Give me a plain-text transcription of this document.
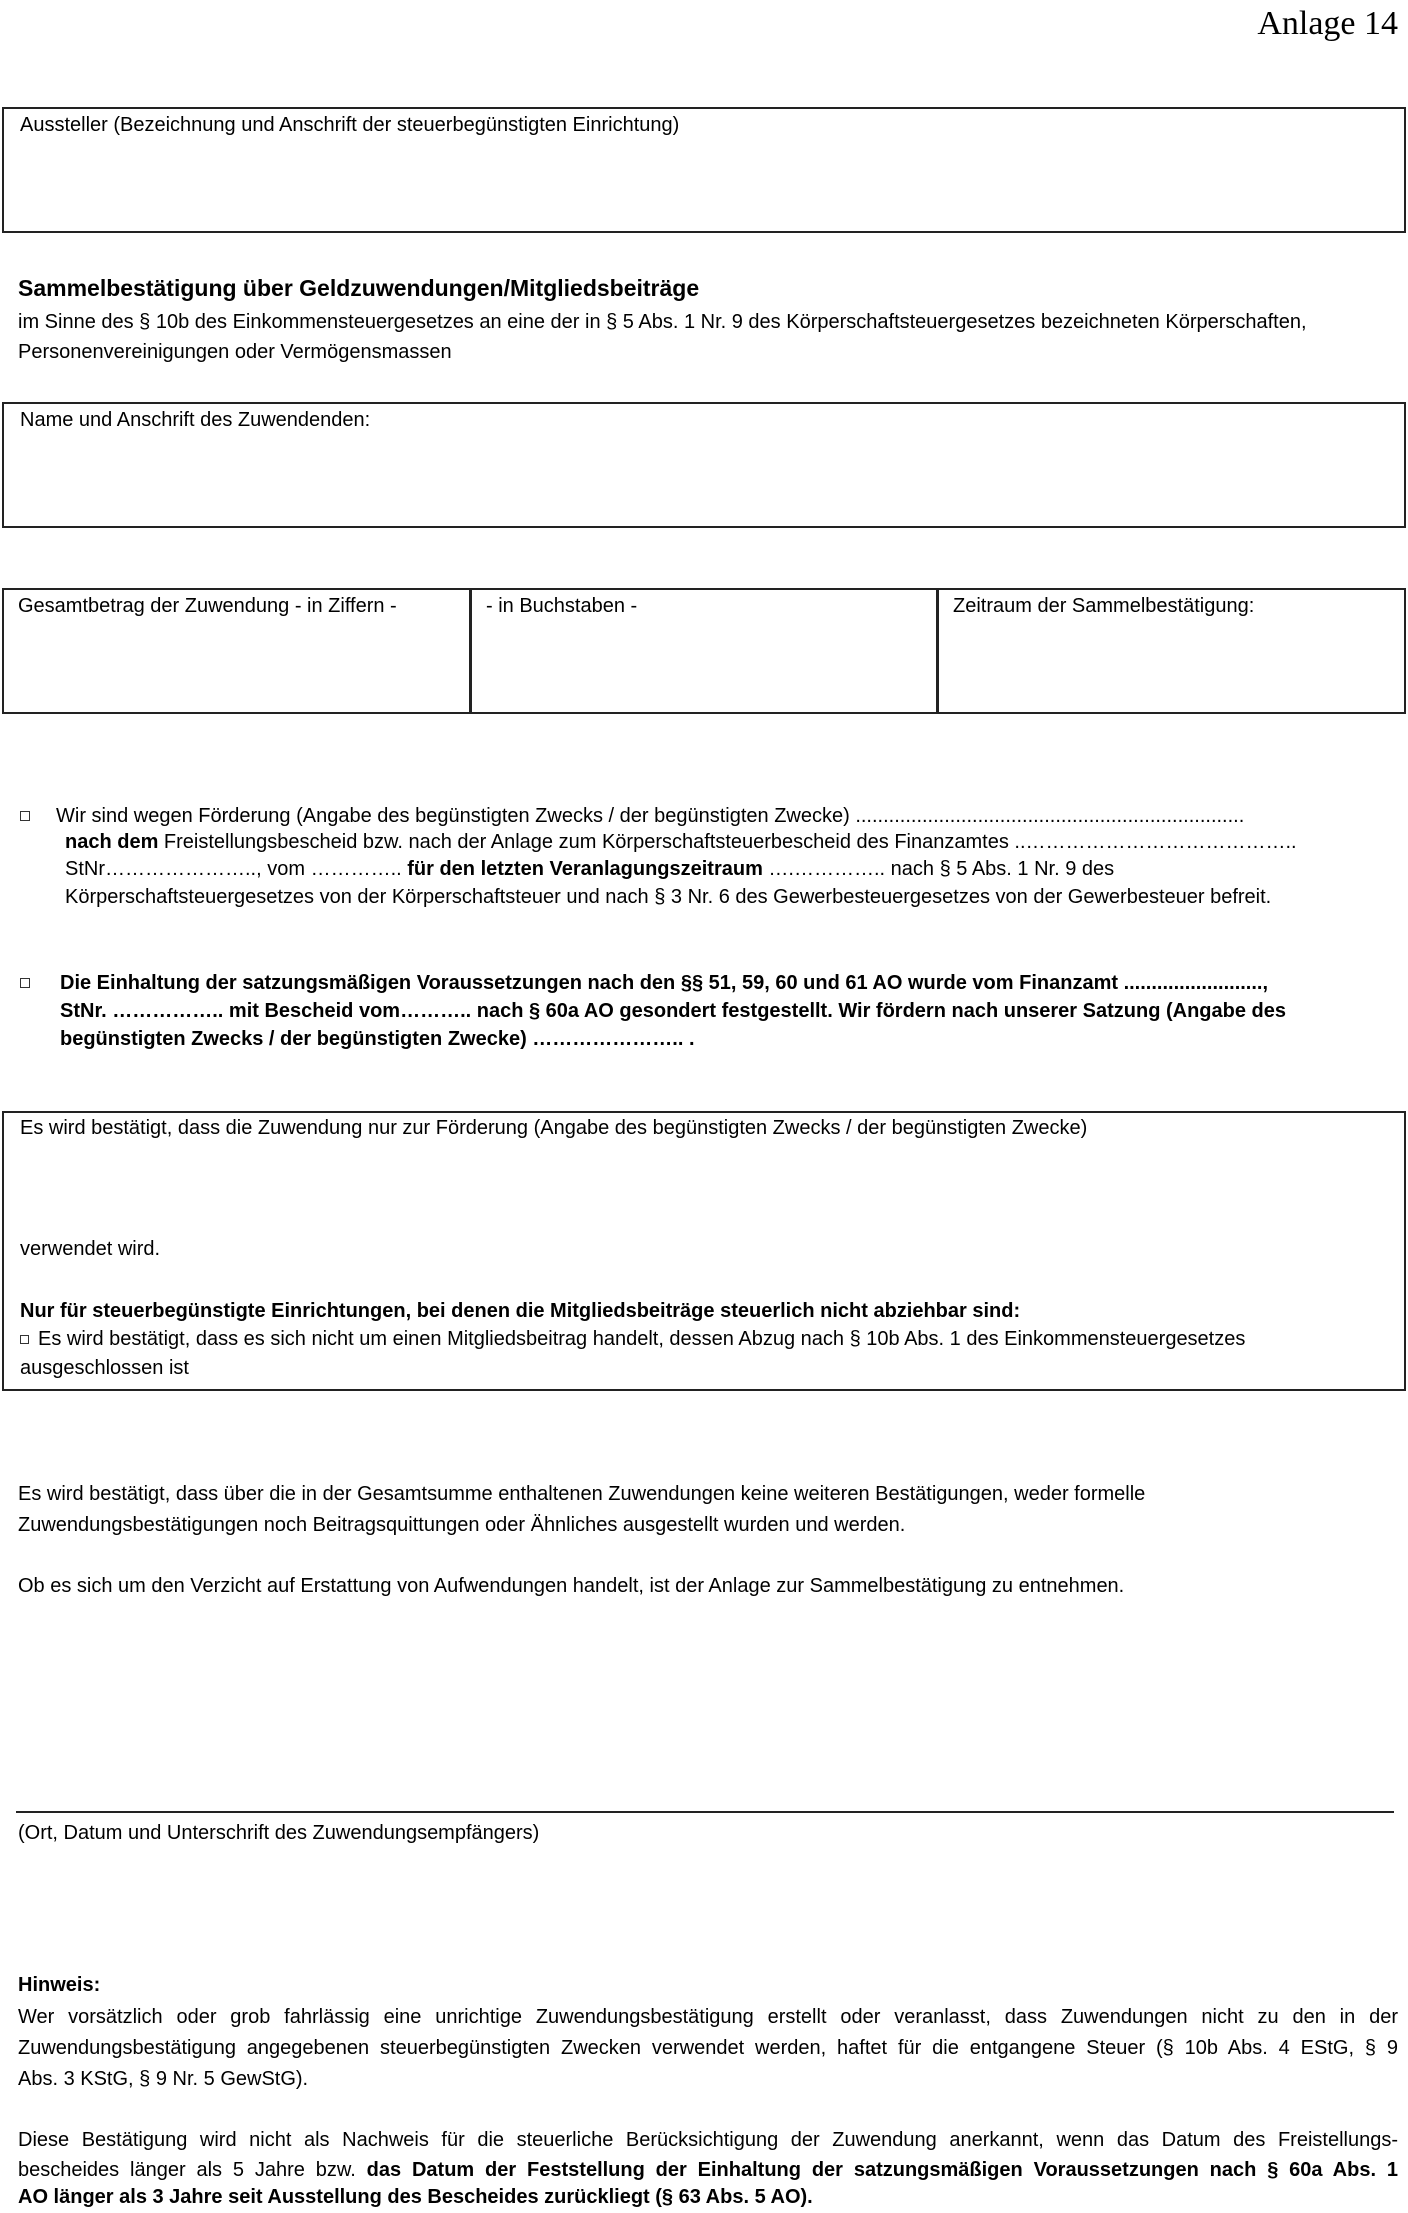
Anlage 14
Aussteller (Bezeichnung und Anschrift der steuerbegünstigten Einrichtung)
Sammelbestätigung über Geldzuwendungen/Mitgliedsbeiträge
im Sinne des § 10b des Einkommensteuergesetzes an eine der in § 5 Abs. 1 Nr. 9 des Körperschaftsteuergesetzes bezeichneten Körperschaften,
Personenvereinigungen oder Vermögensmassen
Name und Anschrift des Zuwendenden:
Gesamtbetrag der Zuwendung - in Ziffern -	- in Buchstaben -	Zeitraum der Sammelbestätigung:
Wir sind wegen Förderung (Angabe des begünstigten Zwecks / der begünstigten Zwecke) ......................................................................
nach dem Freistellungsbescheid bzw. nach der Anlage zum Körperschaftsteuerbescheid des Finanzamtes ..…………………………………..
StNr………………….., vom ………….. für den letzten Veranlagungszeitraum ….………….. nach § 5 Abs. 1 Nr. 9 des
Körperschaftsteuergesetzes von der Körperschaftsteuer und nach § 3 Nr. 6 des Gewerbesteuergesetzes von der Gewerbesteuer befreit.
Die Einhaltung der satzungsmäßigen Voraussetzungen nach den §§ 51, 59, 60 und 61 AO wurde vom Finanzamt .........................,
StNr. …………….. mit Bescheid vom……….. nach § 60a AO gesondert festgestellt. Wir fördern nach unserer Satzung (Angabe des
begünstigten Zwecks / der begünstigten Zwecke) ………………….. .
Es wird bestätigt, dass die Zuwendung nur zur Förderung (Angabe des begünstigten Zwecks / der begünstigten Zwecke)
verwendet wird.
Nur für steuerbegünstigte Einrichtungen, bei denen die Mitgliedsbeiträge steuerlich nicht abziehbar sind:
Es wird bestätigt, dass es sich nicht um einen Mitgliedsbeitrag handelt, dessen Abzug nach § 10b Abs. 1 des Einkommensteuergesetzes
ausgeschlossen ist
Es wird bestätigt, dass über die in der Gesamtsumme enthaltenen Zuwendungen keine weiteren Bestätigungen, weder formelle
Zuwendungsbestätigungen noch Beitragsquittungen oder Ähnliches ausgestellt wurden und werden.
Ob es sich um den Verzicht auf Erstattung von Aufwendungen handelt, ist der Anlage zur Sammelbestätigung zu entnehmen.
(Ort, Datum und Unterschrift des Zuwendungsempfängers)
Hinweis:
Wer vorsätzlich oder grob fahrlässig eine unrichtige Zuwendungsbestätigung erstellt oder veranlasst, dass Zuwendungen nicht zu den in der
Zuwendungsbestätigung angegebenen steuerbegünstigten Zwecken verwendet werden, haftet für die entgangene Steuer (§ 10b Abs. 4 EStG, § 9
Abs. 3 KStG, § 9 Nr. 5 GewStG).
Diese Bestätigung wird nicht als Nachweis für die steuerliche Berücksichtigung der Zuwendung anerkannt, wenn das Datum des Freistellungs-
bescheides länger als 5 Jahre bzw. das Datum der Feststellung der Einhaltung der satzungsmäßigen Voraussetzungen nach § 60a Abs. 1
AO länger als 3 Jahre seit Ausstellung des Bescheides zurückliegt (§ 63 Abs. 5 AO).
